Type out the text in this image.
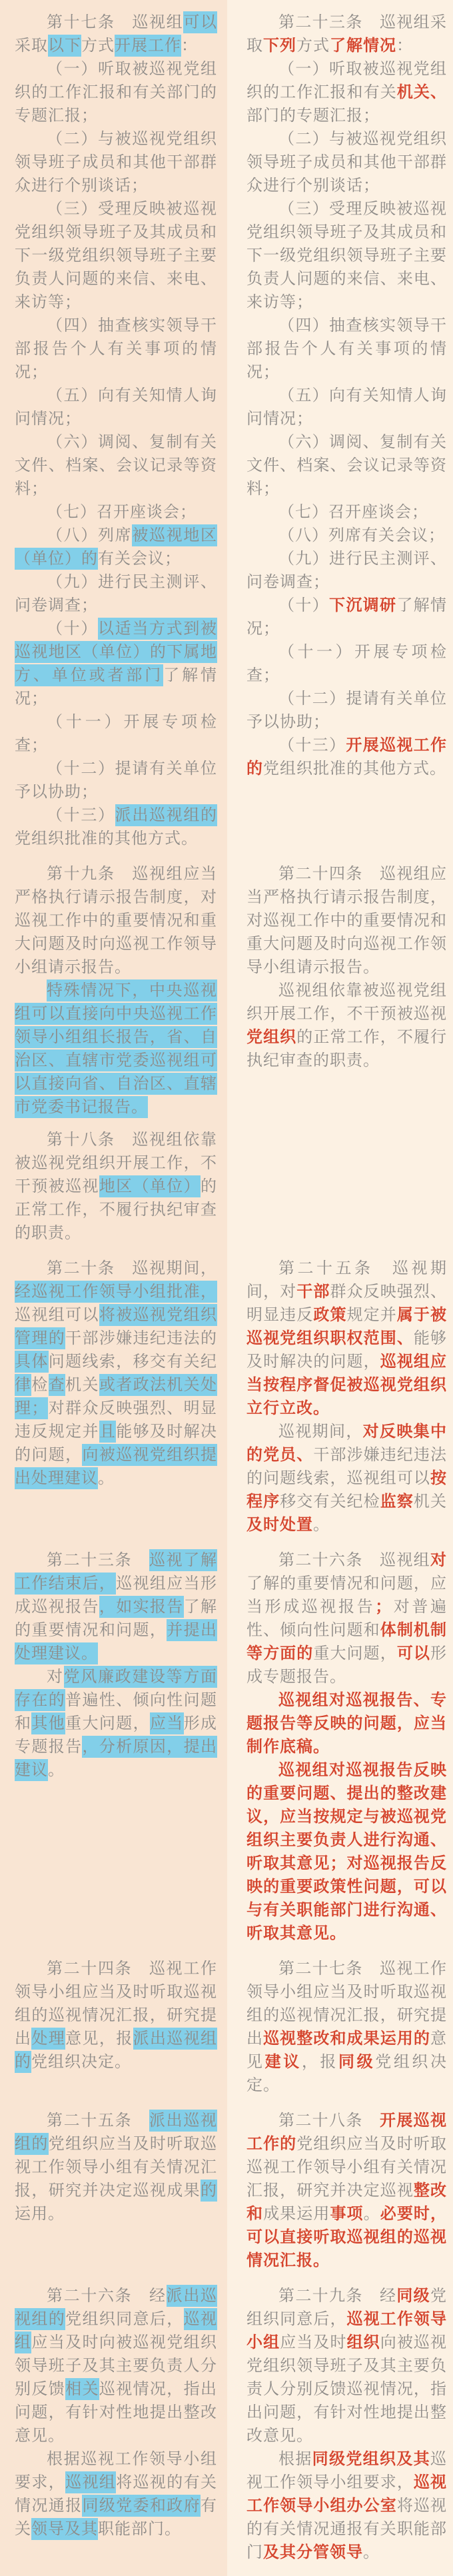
第十七条　巡视组可以采取以下方式开展工作：

（一）听取被巡视党组织的工作汇报和有关部门的专题汇报；

（二）与被巡视党组织领导班子成员和其他干部群众进行个别谈话；

（三）受理反映被巡视党组织领导班子及其成员和下一级党组织领导班子主要负责人问题的来信、来电、来访等；

（四）抽查核实领导干部报告个人有关事项的情况；

（五）向有关知情人询问情况；

（六）调阅、复制有关文件、档案、会议记录等资料；

（七）召开座谈会；

（八）列席被巡视地区（单位）的有关会议；

（九）进行民主测评、问卷调查；

（十）以适当方式到被巡视地区（单位）的下属地方、单位或者部门了解情况；

（十一）开展专项检查；

（十二）提请有关单位予以协助；

（十三）派出巡视组的党组织批准的其他方式。

第二十三条　巡视组采取下列方式了解情况：

（一）听取被巡视党组织的工作汇报和有关机关、部门的专题汇报；

（二）与被巡视党组织领导班子成员和其他干部群众进行个别谈话；

（三）受理反映被巡视党组织领导班子及其成员和下一级党组织领导班子主要负责人问题的来信、来电、来访等；

（四）抽查核实领导干部报告个人有关事项的情况；

（五）向有关知情人询问情况；

（六）调阅、复制有关文件、档案、会议记录等资料；

（七）召开座谈会；

（八）列席有关会议；

（九）进行民主测评、问卷调查；

（十）下沉调研了解情况；

（十一）开展专项检查；

（十二）提请有关单位予以协助；

（十三）开展巡视工作的党组织批准的其他方式。

第十九条　巡视组应当严格执行请示报告制度，对巡视工作中的重要情况和重大问题及时向巡视工作领导小组请示报告。

特殊情况下，中央巡视组可以直接向中央巡视工作领导小组组长报告，省、自治区、直辖市党委巡视组可以直接向省、自治区、直辖市党委书记报告。

第十八条　巡视组依靠被巡视党组织开展工作，不干预被巡视地区（单位）的正常工作，不履行执纪审查的职责。

第二十四条　巡视组应当严格执行请示报告制度，对巡视工作中的重要情况和重大问题及时向巡视工作领导小组请示报告。

巡视组依靠被巡视党组织开展工作，不干预被巡视党组织的正常工作，不履行执纪审查的职责。

第二十条　巡视期间，经巡视工作领导小组批准，巡视组可以将被巡视党组织管理的干部涉嫌违纪违法的具体问题线索，移交有关纪律检查机关或者政法机关处理；对群众反映强烈、明显违反规定并且能够及时解决的问题，向被巡视党组织提出处理建议。

第二十五条　巡视期间，对干部群众反映强烈、明显违反政策规定并属于被巡视党组织职权范围、能够及时解决的问题，巡视组应当按程序督促被巡视党组织立行立改。

巡视期间，对反映集中的党员、干部涉嫌违纪违法的问题线索，巡视组可以按程序移交有关纪检监察机关及时处置。

第二十三条　巡视了解工作结束后，巡视组应当形成巡视报告，如实报告了解的重要情况和问题，并提出处理建议。

对党风廉政建设等方面存在的普遍性、倾向性问题和其他重大问题，应当形成专题报告，分析原因，提出建议。

第二十六条　巡视组对了解的重要情况和问题，应当形成巡视报告；对普遍性、倾向性问题和体制机制等方面的重大问题，可以形成专题报告。

巡视组对巡视报告、专题报告等反映的问题，应当制作底稿。

巡视组对巡视报告反映的重要问题、提出的整改建议，应当按规定与被巡视党组织主要负责人进行沟通、听取其意见；对巡视报告反映的重要政策性问题，可以与有关职能部门进行沟通、听取其意见。

第二十四条　巡视工作领导小组应当及时听取巡视组的巡视情况汇报，研究提出处理意见，报派出巡视组的党组织决定。

第二十七条　巡视工作领导小组应当及时听取巡视组的巡视情况汇报，研究提出巡视整改和成果运用的意见建议，报同级党组织决定。

第二十五条　派出巡视组的党组织应当及时听取巡视工作领导小组有关情况汇报，研究并决定巡视成果的运用。

第二十八条　开展巡视工作的党组织应当及时听取巡视工作领导小组有关情况汇报，研究并决定巡视整改和成果运用事项。必要时，可以直接听取巡视组的巡视情况汇报。

第二十六条　经派出巡视组的党组织同意后，巡视组应当及时向被巡视党组织领导班子及其主要负责人分别反馈相关巡视情况，指出问题，有针对性地提出整改意见。

根据巡视工作领导小组要求，巡视组将巡视的有关情况通报同级党委和政府有关领导及其职能部门。

第二十九条　经同级党组织同意后，巡视工作领导小组应当及时组织向被巡视党组织领导班子及其主要负责人分别反馈巡视情况，指出问题，有针对性地提出整改意见。

根据同级党组织及其巡视工作领导小组要求，巡视工作领导小组办公室将巡视的有关情况通报有关职能部门及其分管领导。
